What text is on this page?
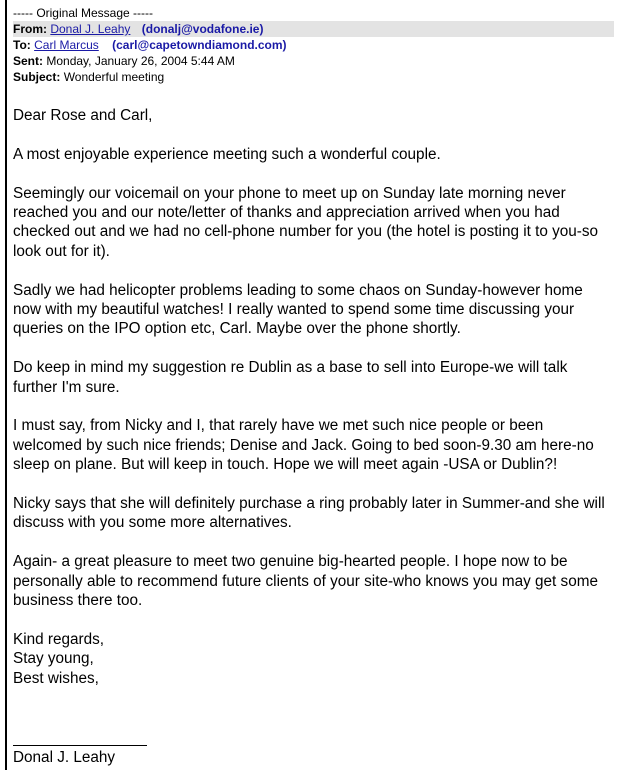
----- Original Message -----
From: Donal J. Leahy (donalj@vodafone.ie)
To: Carl Marcus (carl@capetowndiamond.com)
Sent: Monday, January 26, 2004 5:44 AM
Subject: Wonderful meeting

Dear Rose and Carl,

A most enjoyable experience meeting such a wonderful couple.

Seemingly our voicemail on your phone to meet up on Sunday late morning never reached you and our note/letter of thanks and appreciation arrived when you had checked out and we had no cell-phone number for you (the hotel is posting it to you-so look out for it).

Sadly we had helicopter problems leading to some chaos on Sunday-however home now with my beautiful watches! I really wanted to spend some time discussing your queries on the IPO option etc, Carl. Maybe over the phone shortly.

Do keep in mind my suggestion re Dublin as a base to sell into Europe-we will talk further I'm sure.

I must say, from Nicky and I, that rarely have we met such nice people or been welcomed by such nice friends; Denise and Jack. Going to bed soon-9.30 am here-no sleep on plane. But will keep in touch. Hope we will meet again -USA or Dublin?!

Nicky says that she will definitely purchase a ring probably later in Summer-and she will discuss with you some more alternatives.

Again- a great pleasure to meet two genuine big-hearted people. I hope now to be personally able to recommend future clients of your site-who knows you may get some business there too.

Kind regards,
Stay young,
Best wishes,
Donal J. Leahy
